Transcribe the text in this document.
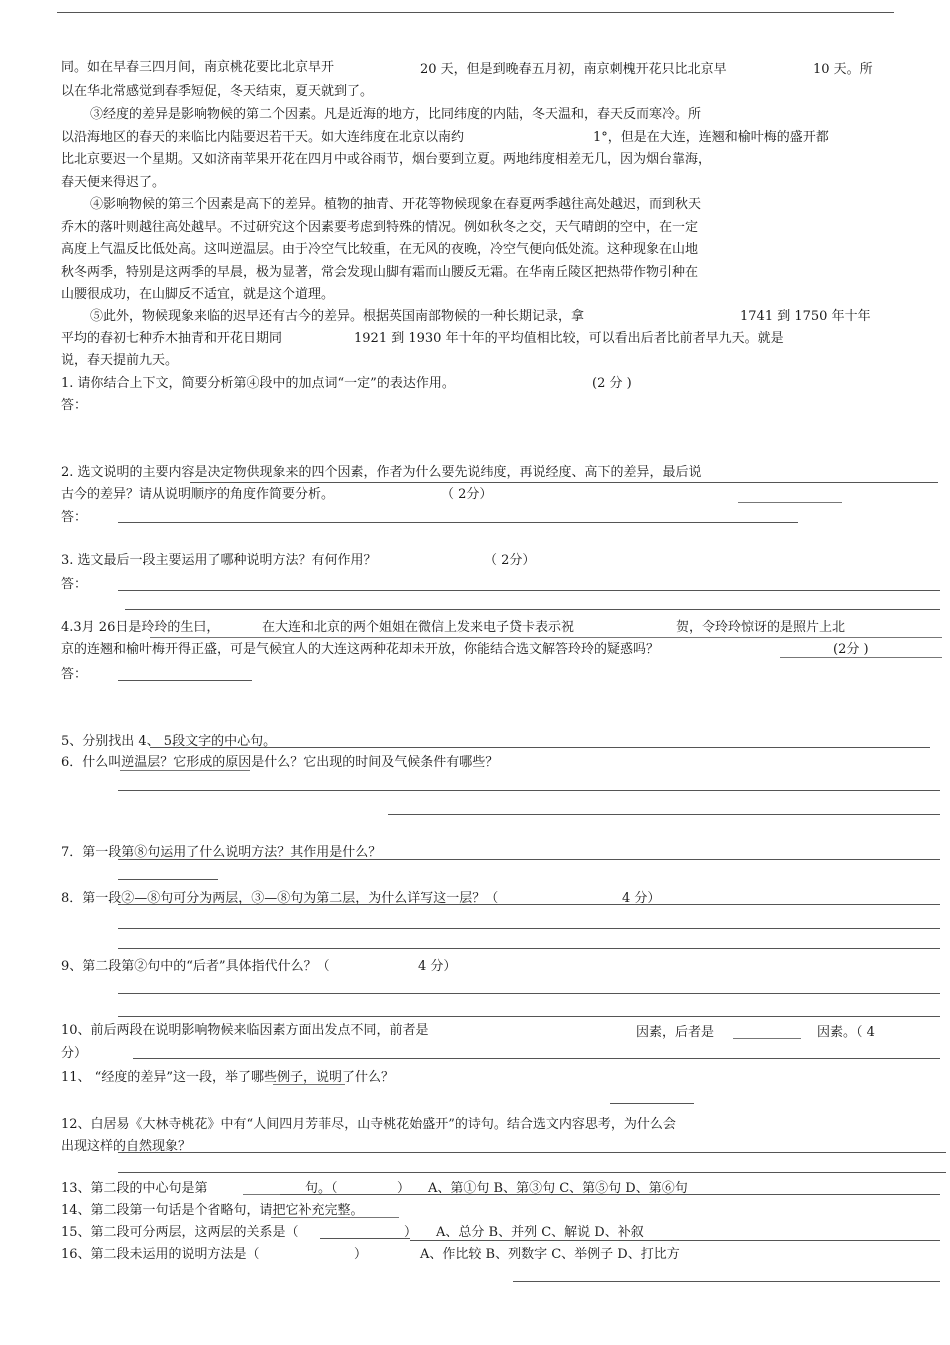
同。如在早春三四月间，南京桃花要比北京早开	20 天，但是到晚春五月初，南京刺槐开花只比北京早	10 天。所
以在华北常感觉到春季短促，冬天结束，夏天就到了。
③经度的差异是影响物候的第二个因素。凡是近海的地方，比同纬度的内陆，冬天温和，春天反而寒冷。所
以沿海地区的春天的来临比内陆要迟若干天。如大连纬度在北京以南约	1°，但是在大连，连翘和榆叶梅的盛开都
比北京要迟一个星期。又如济南苹果开花在四月中或谷雨节，烟台要到立夏。两地纬度相差无几，因为烟台靠海，
春天便来得迟了。
④影响物候的第三个因素是高下的差异。植物的抽青、开花等物候现象在春夏两季越往高处越迟，而到秋天
乔木的落叶则越往高处越早。不过研究这个因素要考虑到特殊的情况。例如秋冬之交，天气晴朗的空中，在一定
高度上气温反比低处高。这叫逆温层。由于冷空气比较重，在无风的夜晚，冷空气便向低处流。这种现象在山地
秋冬两季，特别是这两季的早晨，极为显著，常会发现山脚有霜而山腰反无霜。在华南丘陵区把热带作物引种在
山腰很成功，在山脚反不适宜，就是这个道理。
⑤此外，物候现象来临的迟早还有古今的差异。根据英国南部物候的一种长期记录，拿	1741 到 1750 年十年
平均的春初七种乔木抽青和开花日期同	1921 到 1930 年十年的平均值相比较，可以看出后者比前者早九天。就是
说，春天提前九天。
1. 请你结合上下文，简要分析第④段中的加点词“一定”的表达作用。	(2 分 )
答：
2. 选文说明的主要内容是决定物供现象来的四个因素，作者为什么要先说纬度，再说经度、高下的差异，最后说
古今的差异？请从说明顺序的角度作简要分析。	（ 2分）
答：
3. 选文最后一段主要运用了哪种说明方法？有何作用？	（ 2分）
答：
4.3月 26日是玲玲的生曰，	在大连和北京的两个姐姐在微信上发来电子贷卡表示祝	贺，令玲玲惊讶的是照片上北
京的连翘和榆叶梅开得正盛，可是气候宜人的大连这两种花却未开放，你能结合选文解答玲玲的疑惑吗？	(2分 )
答：
5、分别找出 4、 5段文字的中心句。
6．什么叫逆温层？它形成的原因是什么？它出现的时间及气候条件有哪些？
7．第一段第⑧句运用了什么说明方法？其作用是什么？
8．第一段②—⑧句可分为两层，③—⑧句为第二层，为什么详写这一层？（	4 分）
9、第二段第②句中的“后者”具体指代什么？（	4 分）
10、前后两段在说明影响物候来临因素方面出发点不同，前者是	因素，后者是	因素。（ 4
分）
11、 “经度的差异”这一段，举了哪些例子，说明了什么？
12、白居易《大林寺桃花》中有“人间四月芳菲尽，山寺桃花始盛开”的诗句。结合选文内容思考，为什么会
出现这样的自然现象？
13、第二段的中心句是第	句。（	） A、第①句 B、第③句 C、第⑤句 D、第⑥句
14、第二段第一句话是个省略句，请把它补充完整。
15、第二段可分两层，这两层的关系是（	） A、总分 B、并列 C、解说 D、补叙
16、第二段未运用的说明方法是（	）	A、作比较 B、列数字 C、举例子 D、打比方
